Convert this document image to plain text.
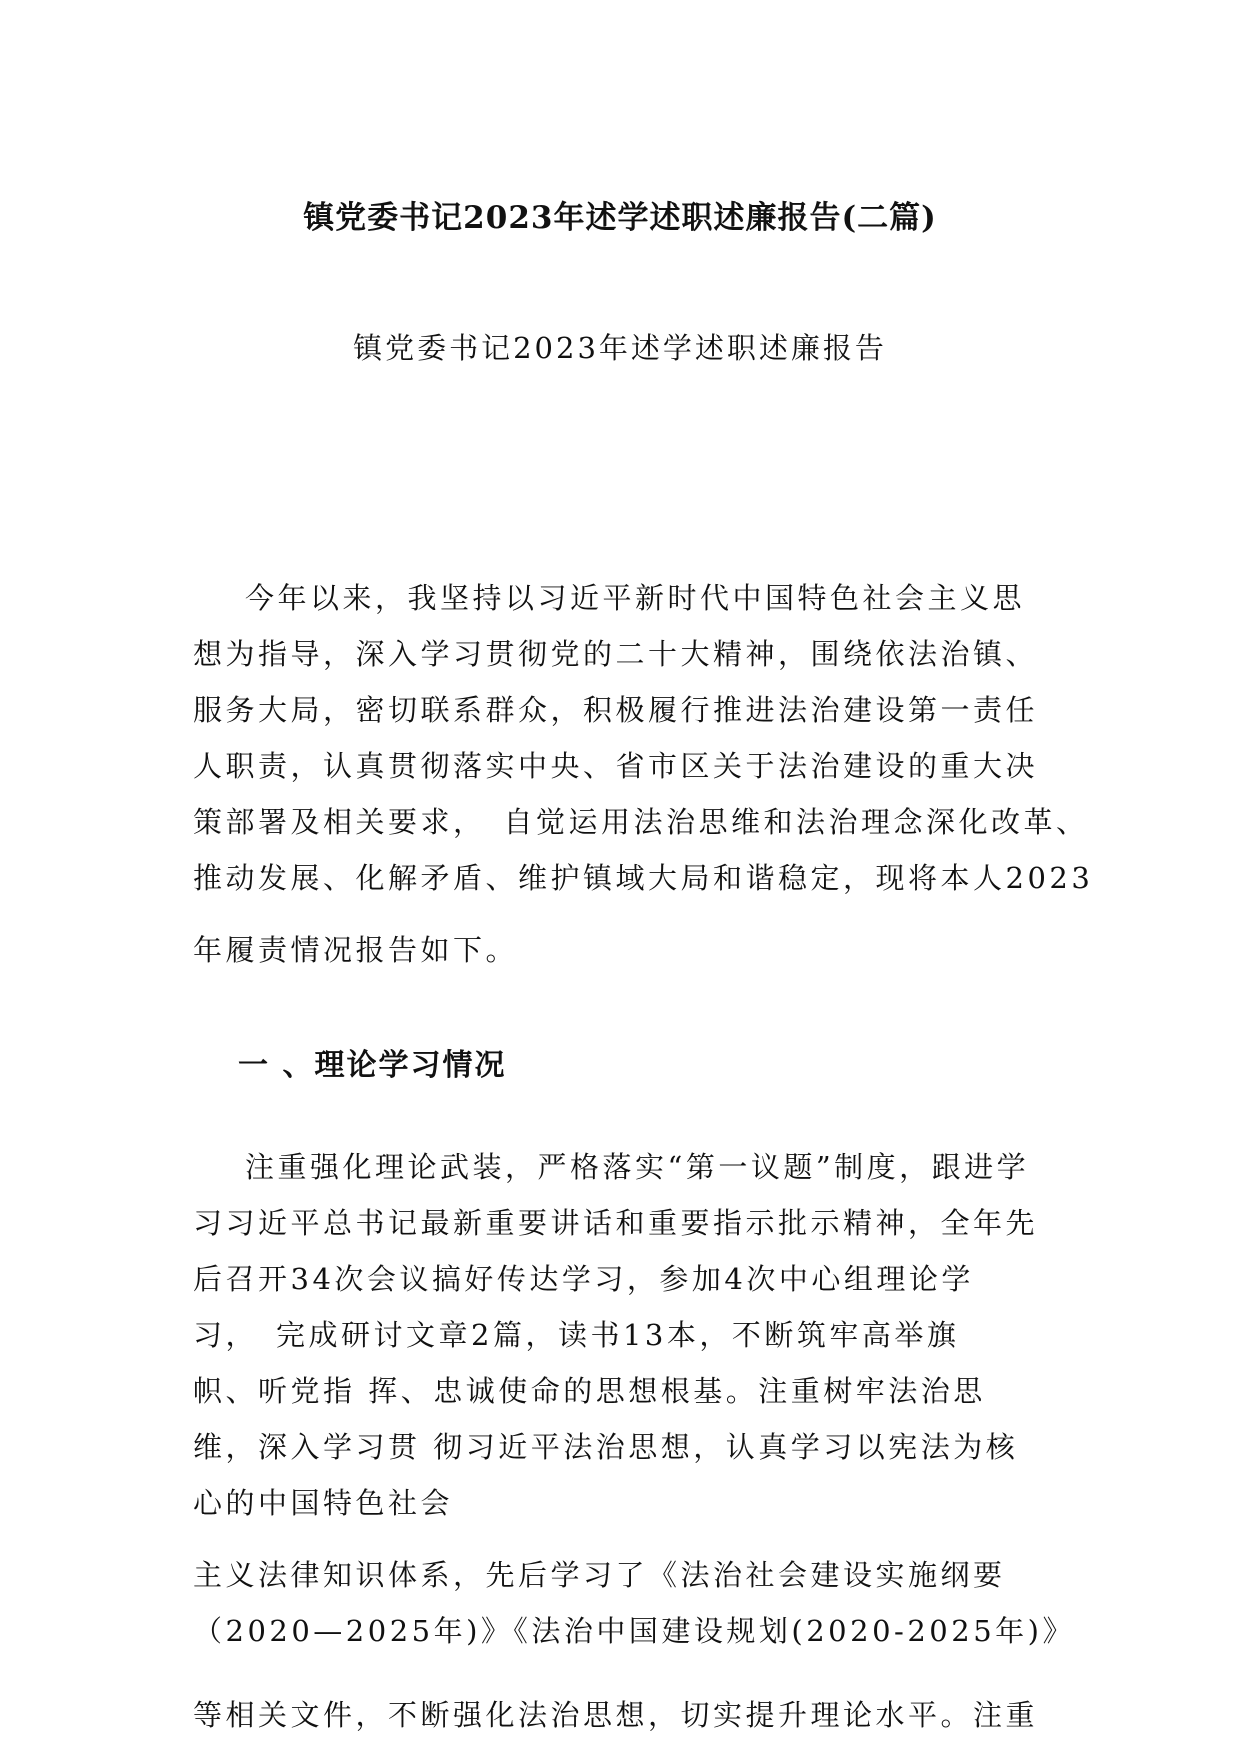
镇党委书记2023年述学述职述廉报告(二篇)
镇党委书记2023年述学述职述廉报告
今年以来，我坚持以习近平新时代中国特色社会主义思
想为指导，深入学习贯彻党的二十大精神，围绕依法治镇、
服务大局，密切联系群众，积极履行推进法治建设第一责任
人职责，认真贯彻落实中央、省市区关于法治建设的重大决
策部署及相关要求，　自觉运用法治思维和法治理念深化改革、
推动发展、化解矛盾、维护镇域大局和谐稳定，现将本人2023
年履责情况报告如下。
一 、理论学习情况
注重强化理论武装，严格落实“第一议题”制度，跟进学
习习近平总书记最新重要讲话和重要指示批示精神，全年先
后召开34次会议搞好传达学习，参加4次中心组理论学
习，　完成研讨文章2篇，读书13本，不断筑牢高举旗
帜、听党指 挥、忠诚使命的思想根基。注重树牢法治思
维，深入学习贯 彻习近平法治思想，认真学习以宪法为核
心的中国特色社会
主义法律知识体系，先后学习了《法治社会建设实施纲要
（2020—2025年)》《法治中国建设规划(2020-2025年)》
等相关文件，不断强化法治思想，切实提升理论水平。注重
